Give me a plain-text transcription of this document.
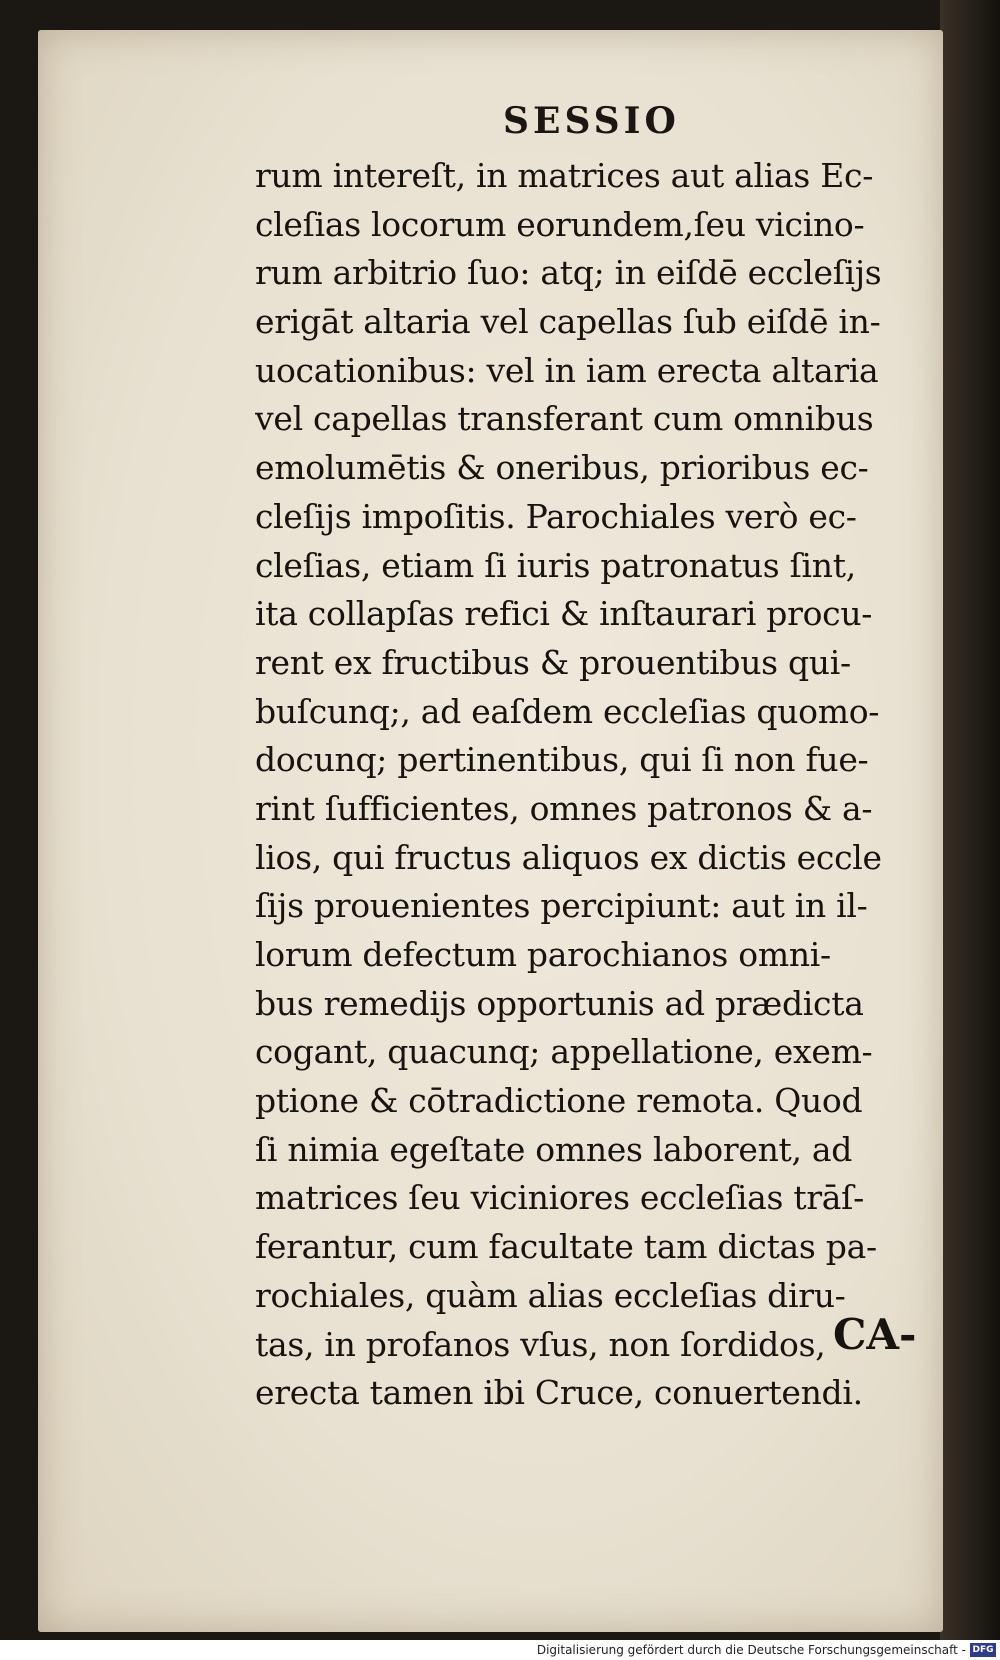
SESSIO
rum intereſt, in matrices aut alias Ec-
cleſias locorum eorundem,ſeu vicino-
rum arbitrio ſuo: atq; in eiſdē eccleſijs
erigāt altaria vel capellas ſub eiſdē in-
uocationibus: vel in iam erecta altaria
vel capellas transferant cum omnibus
emolumētis & oneribus, prioribus ec-
cleſijs impoſitis. Parochiales verò ec-
cleſias, etiam ſi iuris patronatus ſint,
ita collapſas refici & inſtaurari procu-
rent ex fructibus & prouentibus qui-
buſcunq;, ad eaſdem eccleſias quomo-
docunq; pertinentibus, qui ſi non fue-
rint ſufficientes, omnes patronos & a-
lios, qui fructus aliquos ex dictis eccle
ſijs prouenientes percipiunt: aut in il-
lorum defectum parochianos omni-
bus remedijs opportunis ad prædicta
cogant, quacunq; appellatione, exem-
ptione & cōtradictione remota. Quod
ſi nimia egeſtate omnes laborent, ad
matrices ſeu viciniores eccleſias trāſ-
ferantur, cum facultate tam dictas pa-
rochiales, quàm alias eccleſias diru-
tas, in profanos vſus, non ſordidos,
erecta tamen ibi Cruce, conuertendi.
CA-
Digitalisierung gefördert durch die Deutsche Forschungsgemeinschaft - DFG
